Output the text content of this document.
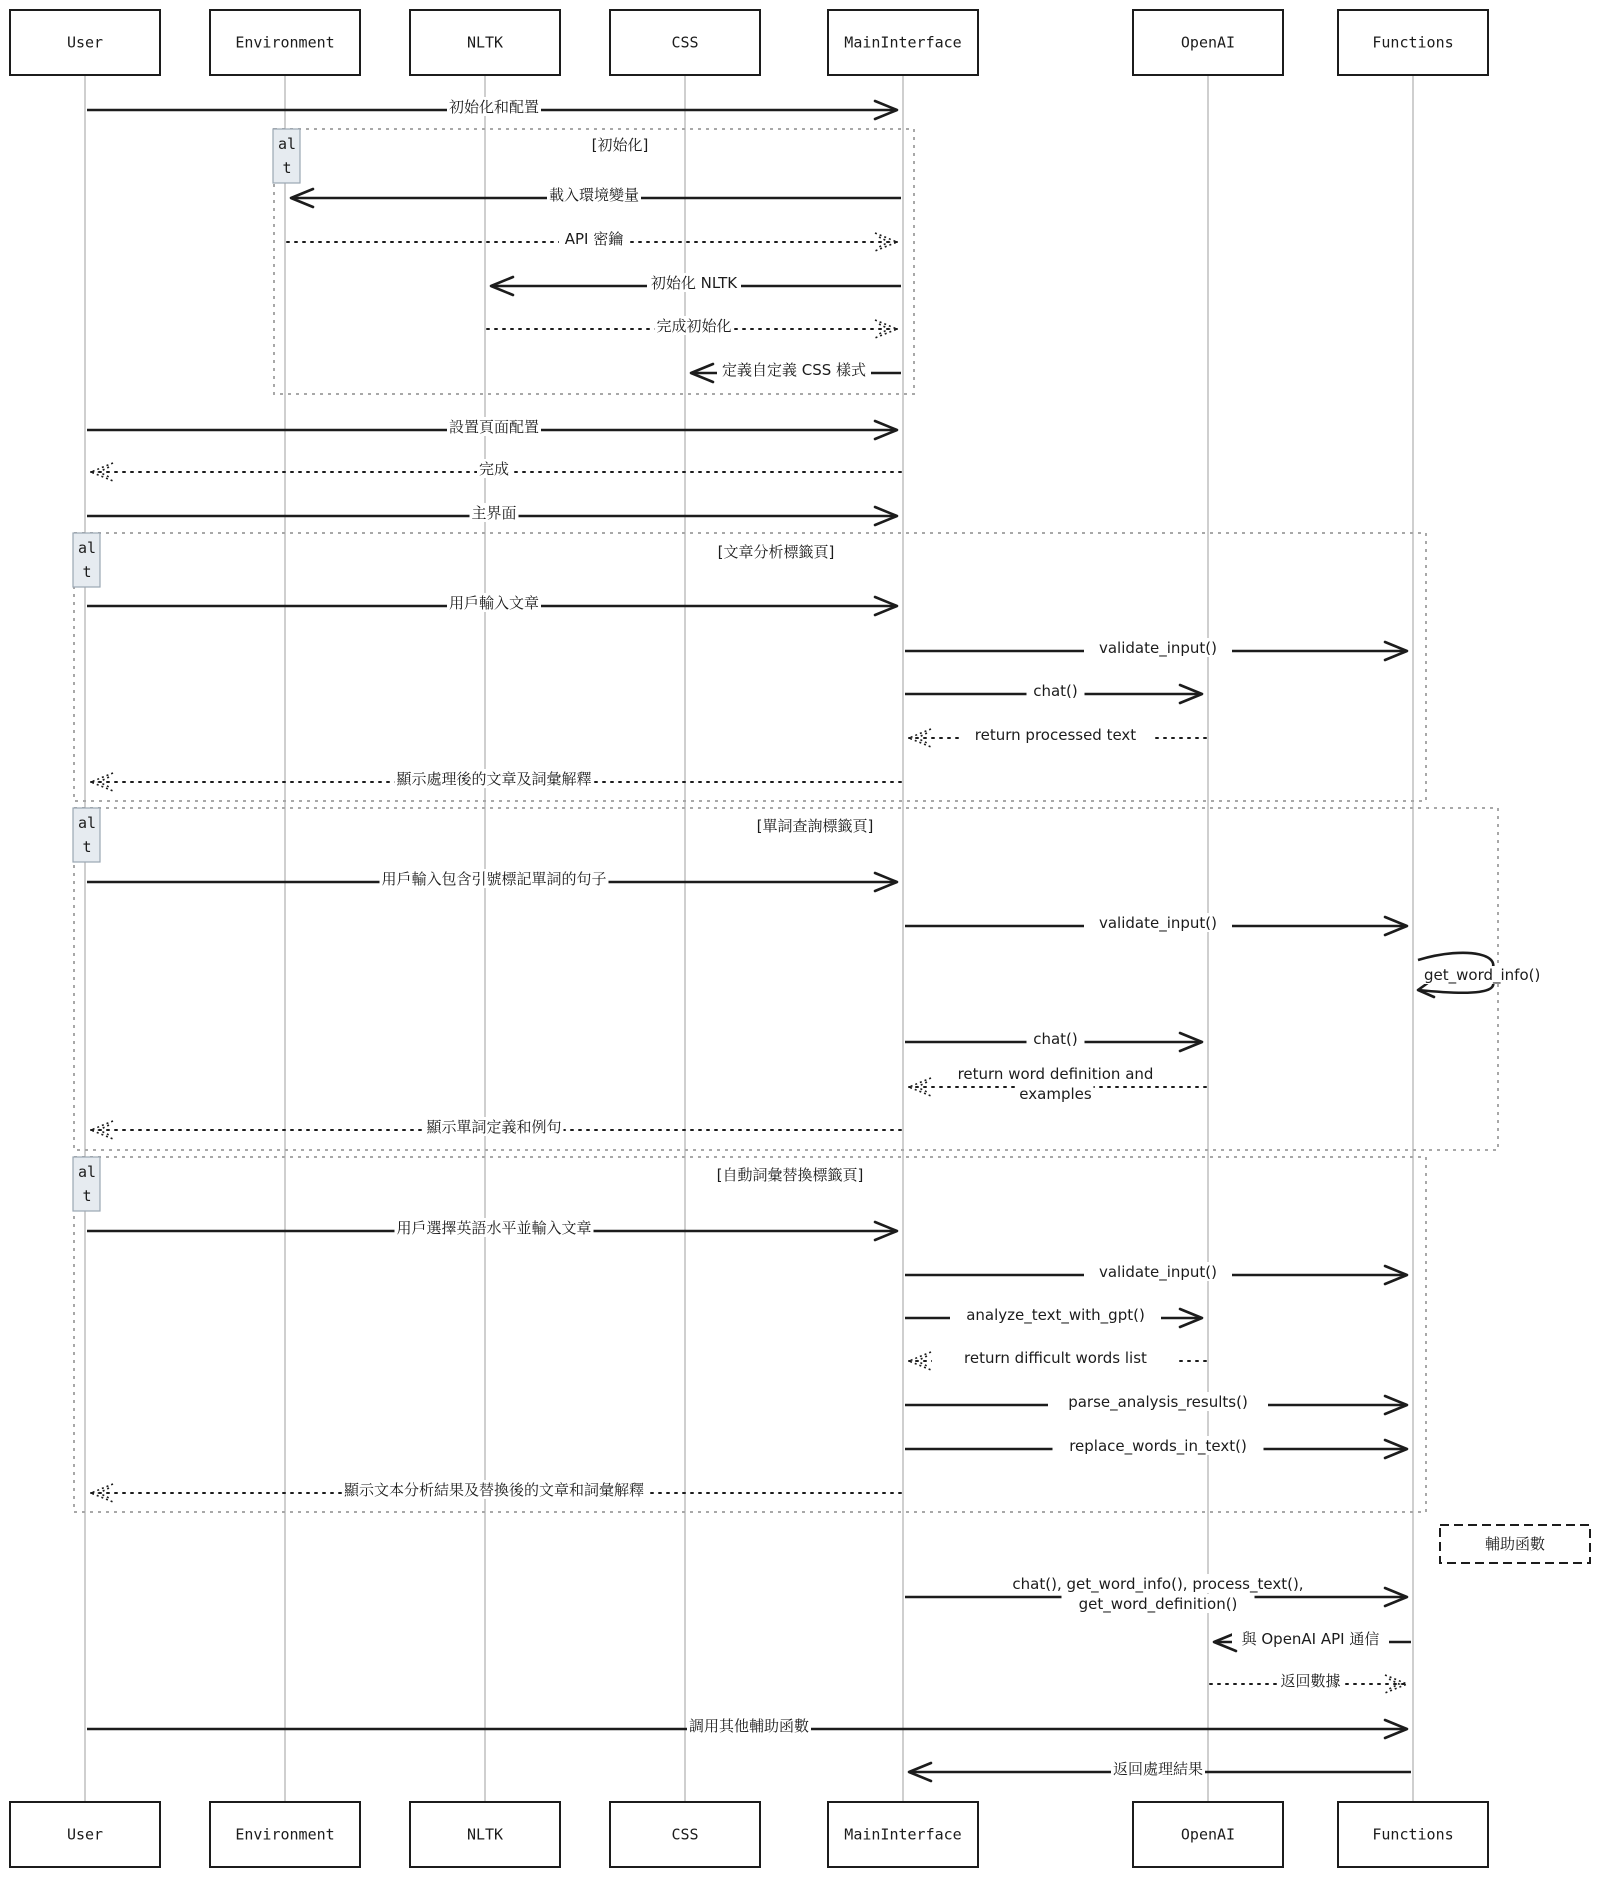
al
t
[初始化]
al
t
[文章分析標籤頁]
al
t
[單詞查詢標籤頁]
al
t
[自動詞彙替換標籤頁]
輔助函數
初始化和配置
載入環境變量
API 密鑰
初始化 NLTK
完成初始化
定義自定義 CSS 樣式
設置頁面配置
完成
主界面
用戶輸入文章
validate_input()
chat()
return processed text
顯示處理後的文章及詞彙解釋
用戶輸入包含引號標記單詞的句子
validate_input()
get_word_info()
chat()
return word definition and
examples
顯示單詞定義和例句
用戶選擇英語水平並輸入文章
validate_input()
analyze_text_with_gpt()
return difficult words list
parse_analysis_results()
replace_words_in_text()
顯示文本分析結果及替換後的文章和詞彙解釋
chat(), get_word_info(), process_text(),
get_word_definition()
與 OpenAI API 通信
返回數據
調用其他輔助函數
返回處理結果
User
User
Environment
Environment
NLTK
NLTK
CSS
CSS
MainInterface
MainInterface
OpenAI
OpenAI
Functions
Functions
